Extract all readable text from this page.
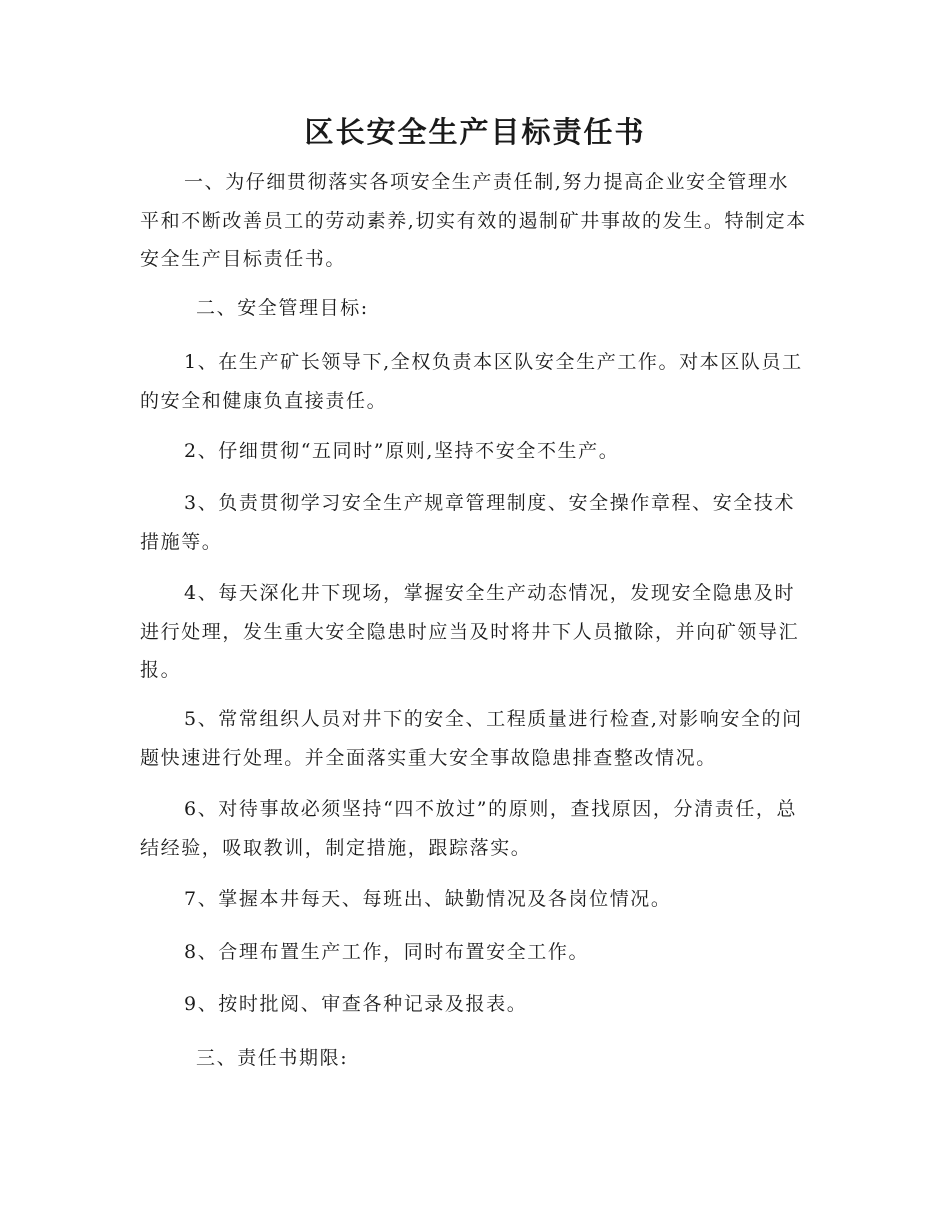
区长安全生产目标责任书
一、为仔细贯彻落实各项安全生产责任制,努力提高企业安全管理水平和不断改善员工的劳动素养,切实有效的遏制矿井事故的发生。特制定本安全生产目标责任书。
二、安全管理目标:
1、在生产矿长领导下,全权负责本区队安全生产工作。对本区队员工的安全和健康负直接责任。
2、仔细贯彻“五同时”原则,坚持不安全不生产。
3、负责贯彻学习安全生产规章管理制度、安全操作章程、安全技术措施等。
4、每天深化井下现场，掌握安全生产动态情况，发现安全隐患及时进行处理，发生重大安全隐患时应当及时将井下人员撤除，并向矿领导汇报。
5、常常组织人员对井下的安全、工程质量进行检查,对影响安全的问题快速进行处理。并全面落实重大安全事故隐患排查整改情况。
6、对待事故必须坚持“四不放过”的原则，查找原因，分清责任，总结经验，吸取教训，制定措施，跟踪落实。
7、掌握本井每天、每班出、缺勤情况及各岗位情况。
8、合理布置生产工作，同时布置安全工作。
9、按时批阅、审查各种记录及报表。
三、责任书期限:
